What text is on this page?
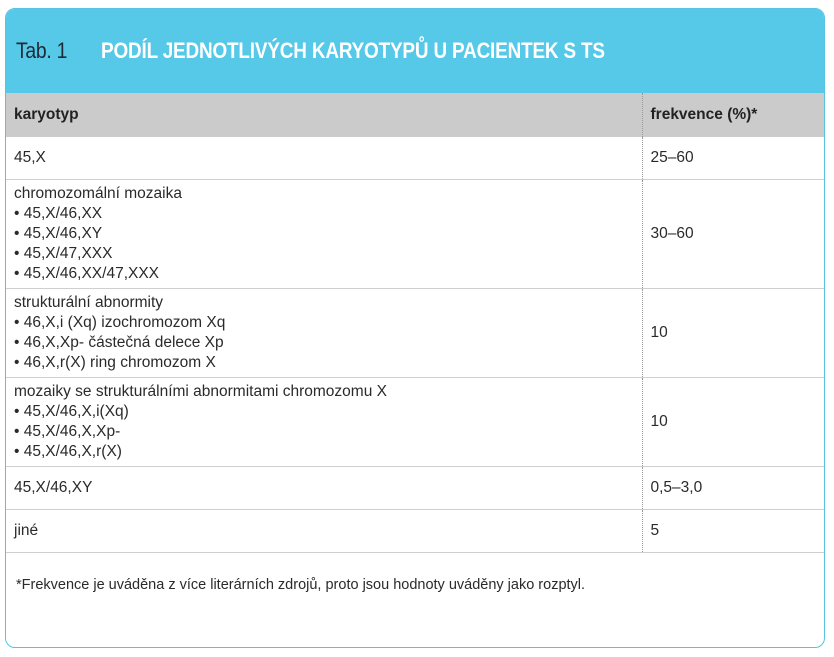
Tab. 1	PODÍL JEDNOTLIVÝCH KARYOTYPŮ U PACIENTEK S TS
karyotyp	frekvence (%)*

45,X	25–60

chromozomální mozaika
• 45,X/46,XX
• 45,X/46,XY
• 45,X/47,XXX
• 45,X/46,XX/47,XXX	30–60

strukturální abnormity
• 46,X,i (Xq) izochromozom Xq
• 46,X,Xp- částečná delece Xp
• 46,X,r(X) ring chromozom X	10

mozaiky se strukturálními abnormitami chromozomu X
• 45,X/46,X,i(Xq)
• 45,X/46,X,Xp-
• 45,X/46,X,r(X)	10

45,X/46,XY	0,5–3,0

jiné	5
*Frekvence je uváděna z více literárních zdrojů, proto jsou hodnoty uváděny jako rozptyl.
